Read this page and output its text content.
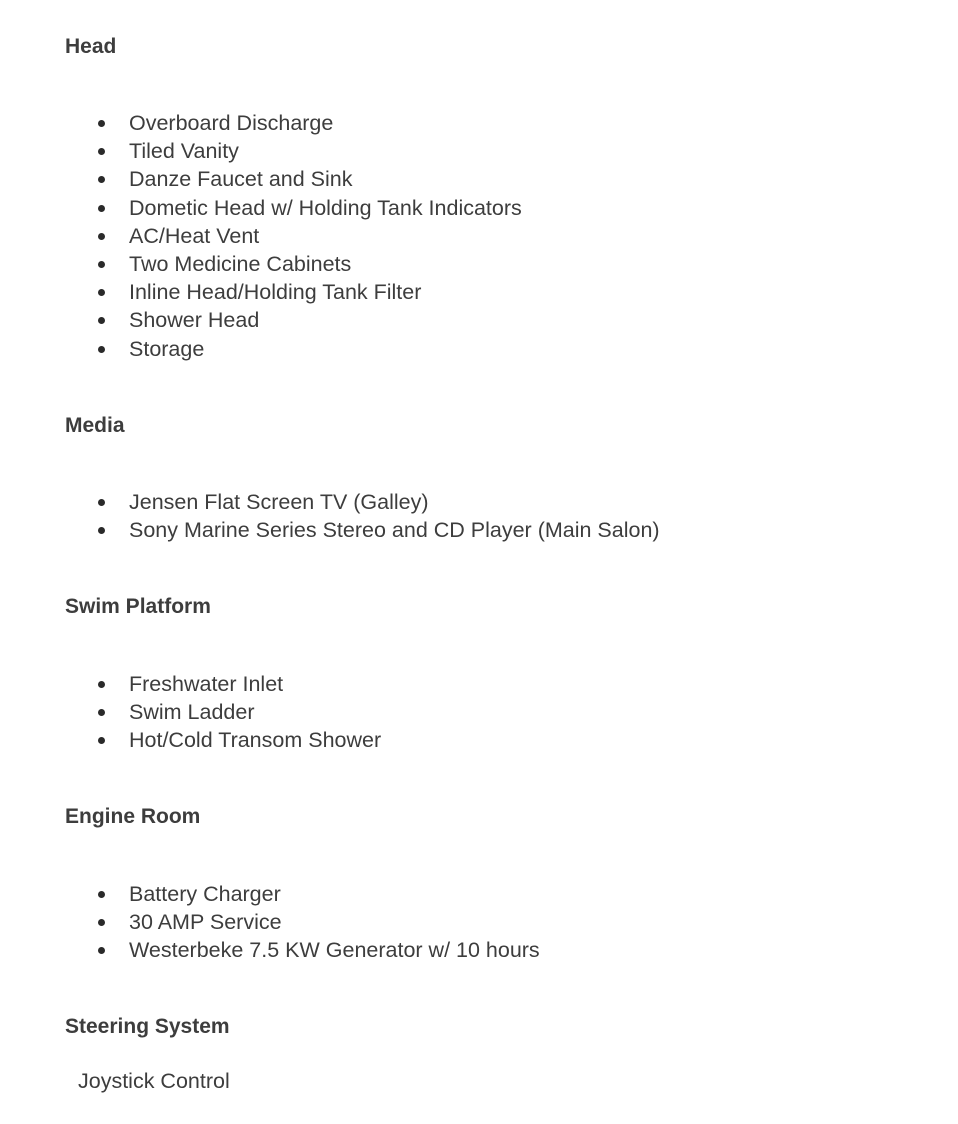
Head
Overboard Discharge
Tiled Vanity
Danze Faucet and Sink
Dometic Head w/ Holding Tank Indicators
AC/Heat Vent
Two Medicine Cabinets
Inline Head/Holding Tank Filter
Shower Head
Storage
Media
Jensen Flat Screen TV (Galley)
Sony Marine Series Stereo and CD Player (Main Salon)
Swim Platform
Freshwater Inlet
Swim Ladder
Hot/Cold Transom Shower
Engine Room
Battery Charger
30 AMP Service
Westerbeke 7.5 KW Generator w/ 10 hours
Steering System
Joystick Control
